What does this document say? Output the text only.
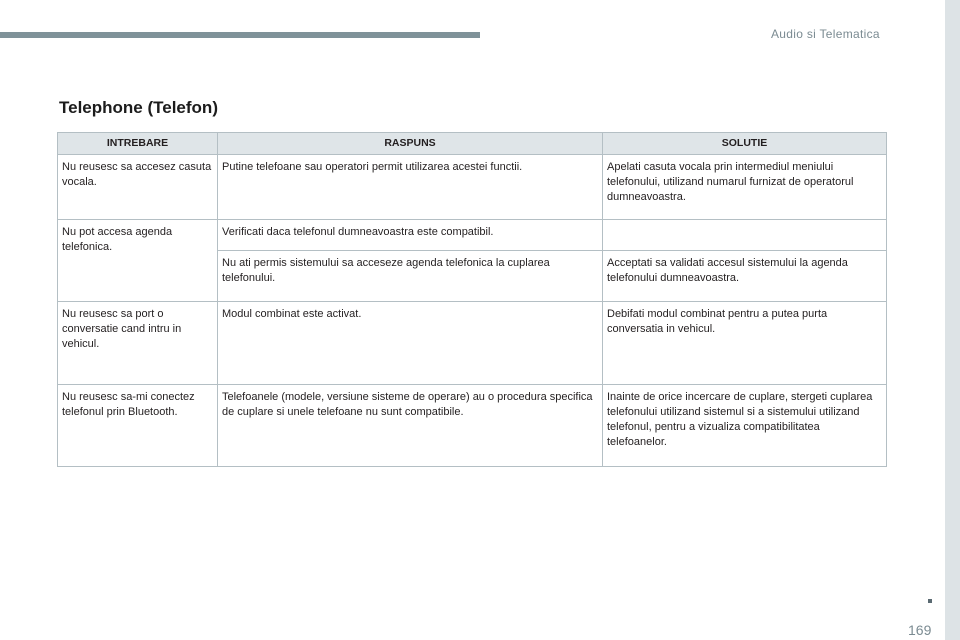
Audio si Telematica
Telephone (Telefon)
INTREBARE	RASPUNS	SOLUTIE
Nu reusesc sa accesez casuta vocala.	Putine telefoane sau operatori permit utilizarea acestei functii.	Apelati casuta vocala prin intermediul meniului telefonului, utilizand numarul furnizat de operatorul dumneavoastra.
Nu pot accesa agenda telefonica.	Verificati daca telefonul dumneavoastra este compatibil.	
	Nu ati permis sistemului sa acceseze agenda telefonica la cuplarea telefonului.	Acceptati sa validati accesul sistemului la agenda telefonului dumneavoastra.
Nu reusesc sa port o conversatie cand intru in vehicul.	Modul combinat este activat.	Debifati modul combinat pentru a putea purta conversatia in vehicul.
Nu reusesc sa-mi conectez telefonul prin Bluetooth.	Telefoanele (modele, versiune sisteme de operare) au o procedura specifica de cuplare si unele telefoane nu sunt compatibile.	Inainte de orice incercare de cuplare, stergeti cuplarea telefonului utilizand sistemul si a sistemului utilizand telefonul, pentru a vizualiza compatibilitatea telefoanelor.
169
